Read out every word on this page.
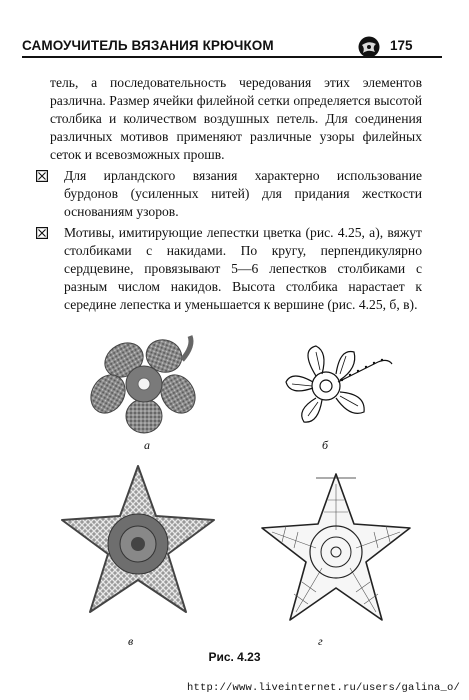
САМОУЧИТЕЛЬ ВЯЗАНИЯ КРЮЧКОМ	175

тель, а последовательность чередования этих элементов различна. Размер ячейки филейной сетки определяется высотой столбика и количеством воздушных петель. Для соединения различных мотивов применяют различные узоры филейных сеток и всевозможных прошв.

Для ирландского вязания характерно использование бурдонов (усиленных нитей) для придания жесткости основаниям узоров.
Мотивы, имитирующие лепестки цветка (рис. 4.25, а), вяжут столбиками с накидами. По кругу, перпендикулярно сердцевине, провязывают 5—6 лепестков столбиками с разным числом накидов. Высота столбика нарастает к середине лепестка и уменьшается к вершине (рис. 4.25, б, в).
а	б
в	г
Рис. 4.23
http://www.liveinternet.ru/users/galina_o/
